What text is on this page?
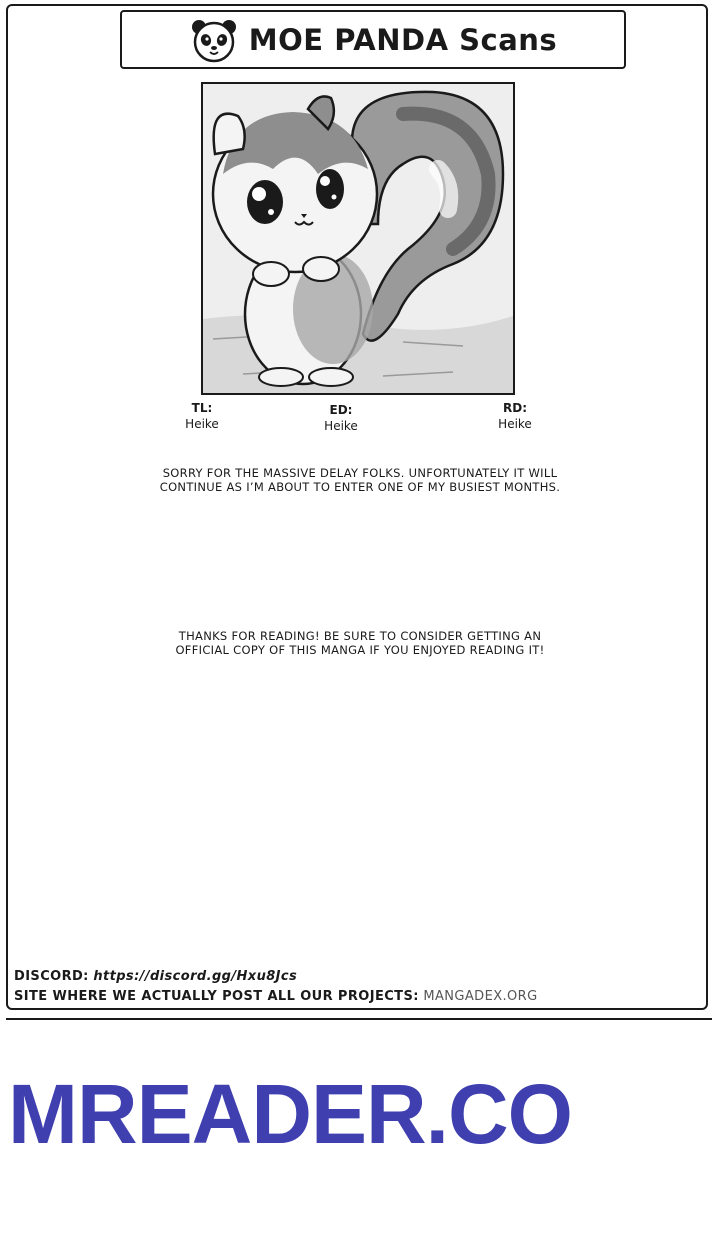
MOE PANDA Scans
TL:
Heike
ED:
Heike
RD:
Heike
SORRY FOR THE MASSIVE DELAY FOLKS. UNFORTUNATELY IT WILL
CONTINUE AS I’M ABOUT TO ENTER ONE OF MY BUSIEST MONTHS.
THANKS FOR READING! BE SURE TO CONSIDER GETTING AN
OFFICIAL COPY OF THIS MANGA IF YOU ENJOYED READING IT!
DISCORD: https://discord.gg/Hxu8Jcs
SITE WHERE WE ACTUALLY POST ALL OUR PROJECTS: MANGADEX.ORG
MREADER.CO
